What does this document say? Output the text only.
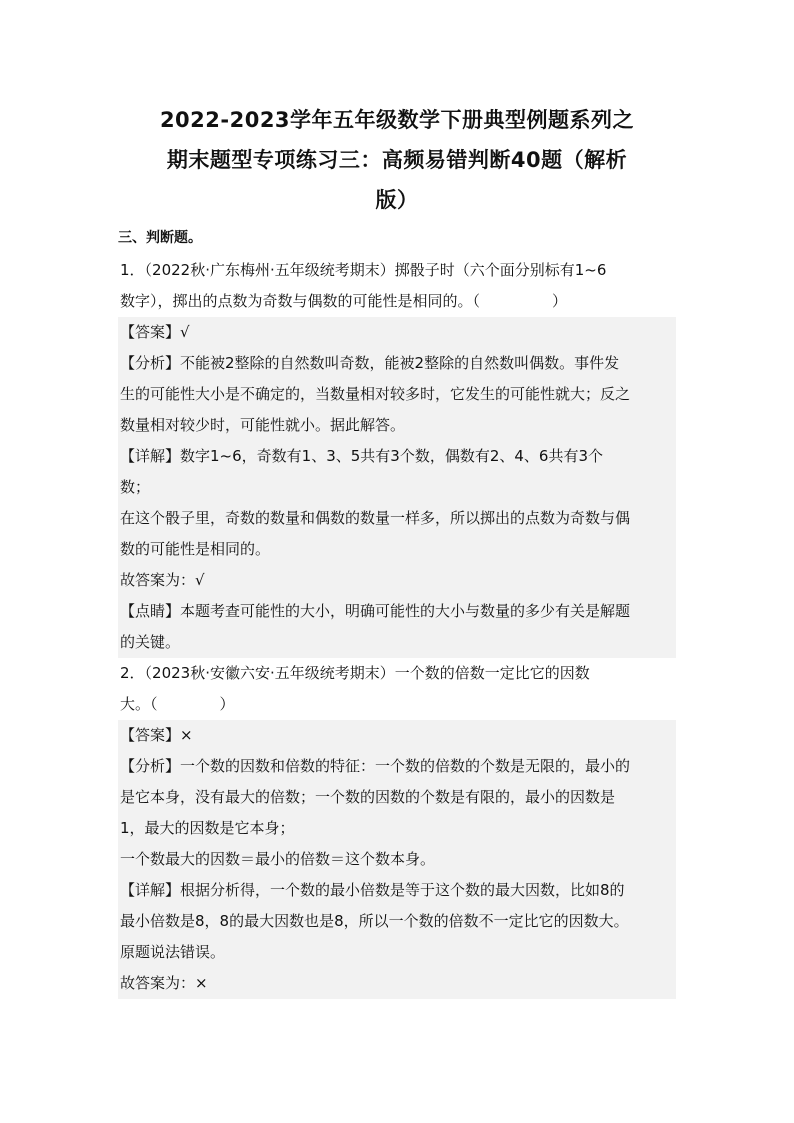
2022-2023学年五年级数学下册典型例题系列之
期末题型专项练习三：高频易错判断40题（解析
版）
三、判断题。
1．（2022秋·广东梅州·五年级统考期末）掷骰子时（六个面分别标有1~6
数字），掷出的点数为奇数与偶数的可能性是相同的。（	）
【答案】√
【分析】不能被2整除的自然数叫奇数，能被2整除的自然数叫偶数。事件发
生的可能性大小是不确定的，当数量相对较多时，它发生的可能性就大；反之
数量相对较少时，可能性就小。据此解答。
【详解】数字1~6，奇数有1、3、5共有3个数，偶数有2、4、6共有3个
数；
在这个骰子里，奇数的数量和偶数的数量一样多，所以掷出的点数为奇数与偶
数的可能性是相同的。
故答案为：√
【点睛】本题考查可能性的大小，明确可能性的大小与数量的多少有关是解题
的关键。
2．（2023秋·安徽六安·五年级统考期末）一个数的倍数一定比它的因数
大。（	）
【答案】×
【分析】一个数的因数和倍数的特征：一个数的倍数的个数是无限的，最小的
是它本身，没有最大的倍数；一个数的因数的个数是有限的，最小的因数是
1，最大的因数是它本身；
一个数最大的因数＝最小的倍数＝这个数本身。
【详解】根据分析得，一个数的最小倍数是等于这个数的最大因数，比如8的
最小倍数是8，8的最大因数也是8，所以一个数的倍数不一定比它的因数大。
原题说法错误。
故答案为：×
